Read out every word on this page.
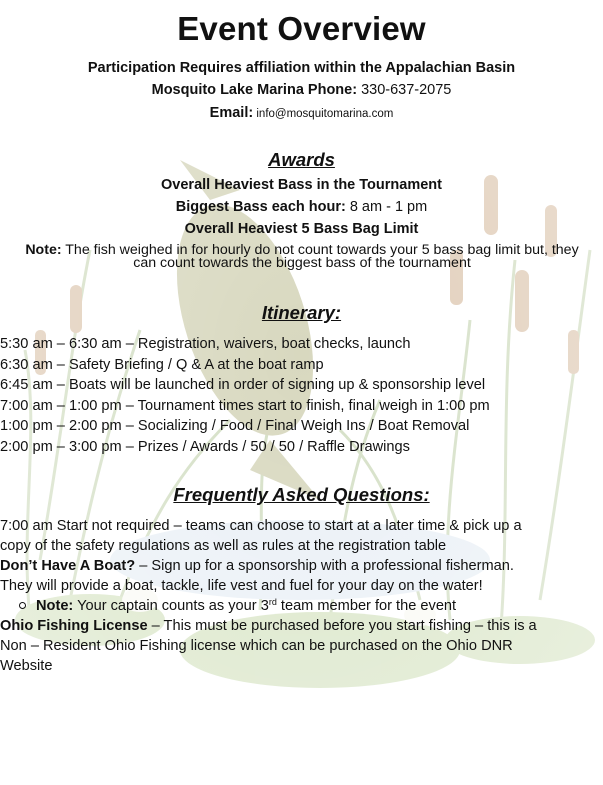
Event Overview
Participation Requires affiliation within the Appalachian Basin
Mosquito Lake Marina Phone: 330-637-2075
Email: info@mosquitomarina.com
Awards
Overall Heaviest Bass in the Tournament
Biggest Bass each hour: 8 am - 1 pm
Overall Heaviest 5 Bass Bag Limit
Note: The fish weighed in for hourly do not count towards your 5 bass bag limit but, they can count towards the biggest bass of the tournament
Itinerary:
5:30 am – 6:30 am – Registration, waivers, boat checks, launch
6:30 am – Safety Briefing / Q & A at the boat ramp
6:45 am – Boats will be launched in order of signing up & sponsorship level
7:00 am – 1:00 pm – Tournament times start to finish, final weigh in 1:00 pm
1:00 pm – 2:00 pm – Socializing / Food / Final Weigh Ins / Boat Removal
2:00 pm – 3:00 pm – Prizes / Awards / 50 / 50 / Raffle Drawings
Frequently Asked Questions:
7:00 am Start not required – teams can choose to start at a later time & pick up a copy of the safety regulations as well as rules at the registration table
Don’t Have A Boat? – Sign up for a sponsorship with a professional fisherman. They will provide a boat, tackle, life vest and fuel for your day on the water!
Note: Your captain counts as your 3rd team member for the event
Ohio Fishing License – This must be purchased before you start fishing – this is a Non – Resident Ohio Fishing license which can be purchased on the Ohio DNR Website
